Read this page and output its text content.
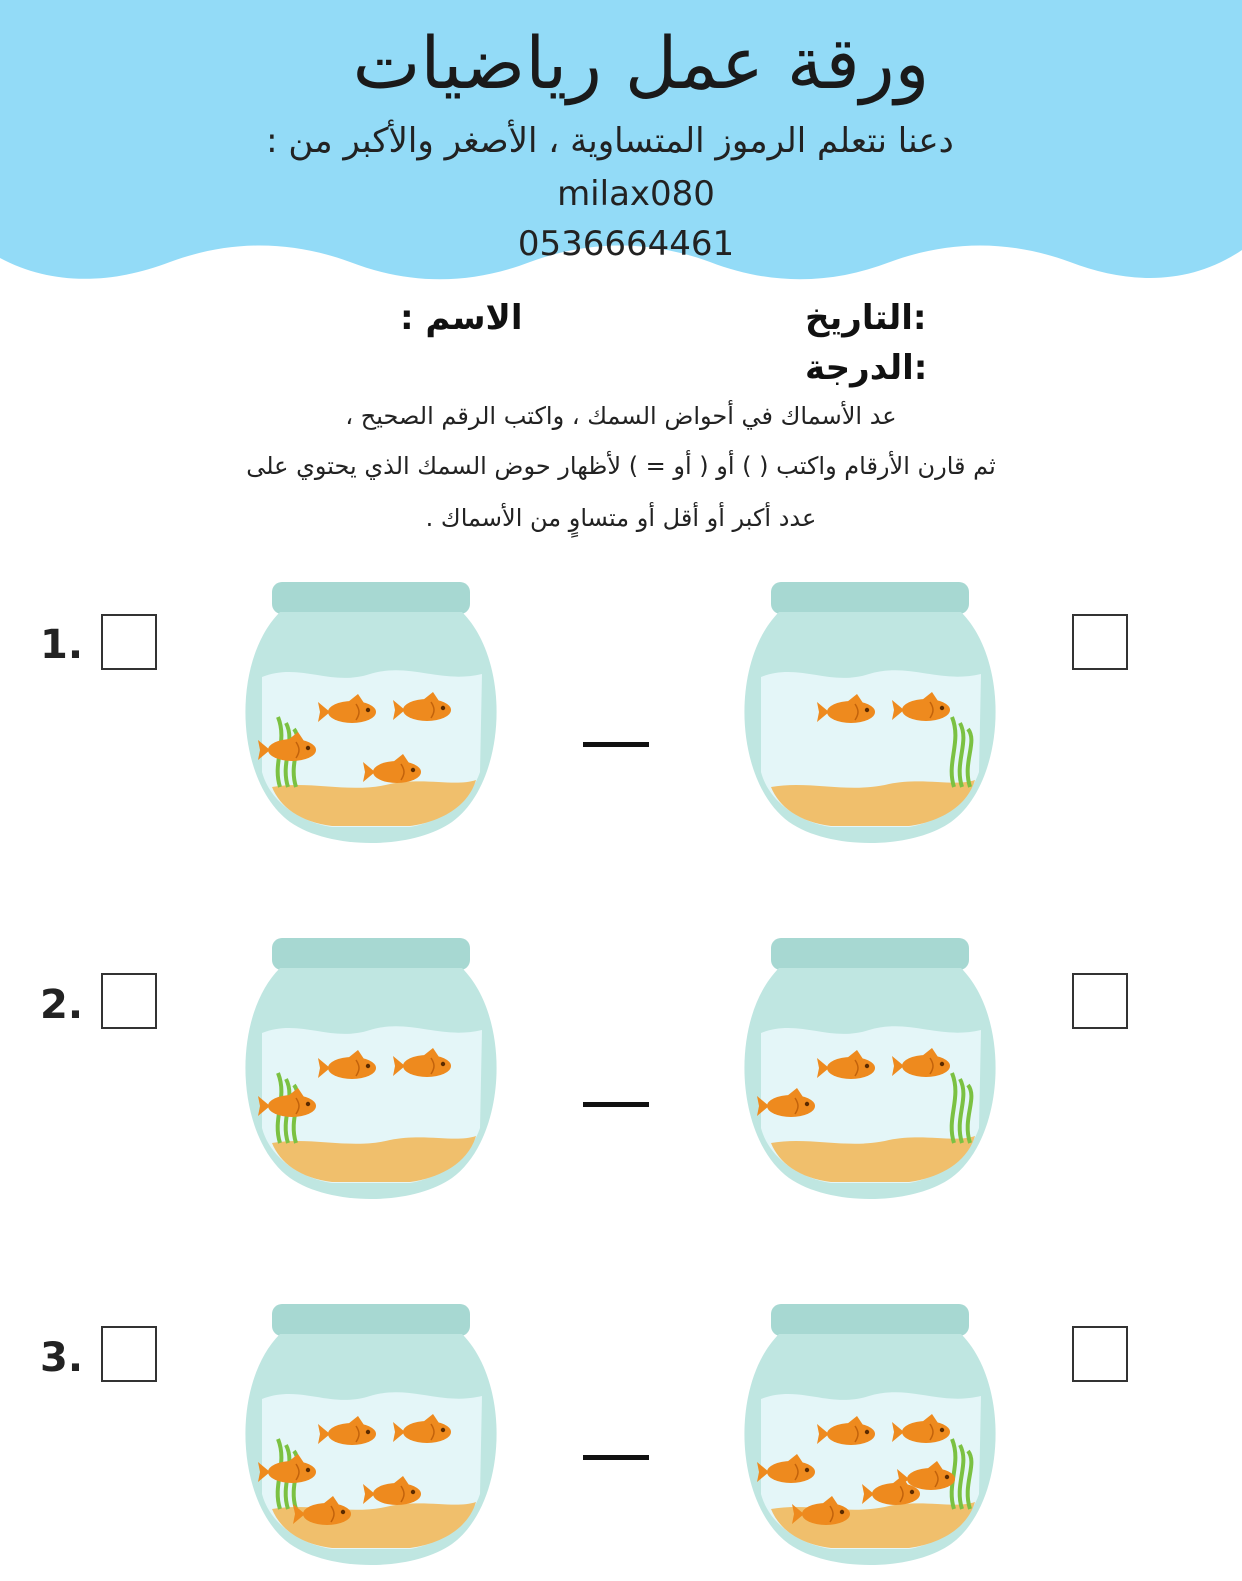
ورقة عمل رياضيات
دعنا نتعلم الرموز المتساوية ، الأصغر والأكبر من :
milax080
0536664461
الاسم :	:التاريخ
:الدرجة
عد الأسماك في أحواض السمك ، واكتب الرقم الصحيح ،
ثم قارن الأرقام واكتب ( ) أو ( أو = ) لأظهار حوض السمك الذي يحتوي على
عدد أكبر أو أقل أو متساوٍ من الأسماك .
1.
2.
3.
